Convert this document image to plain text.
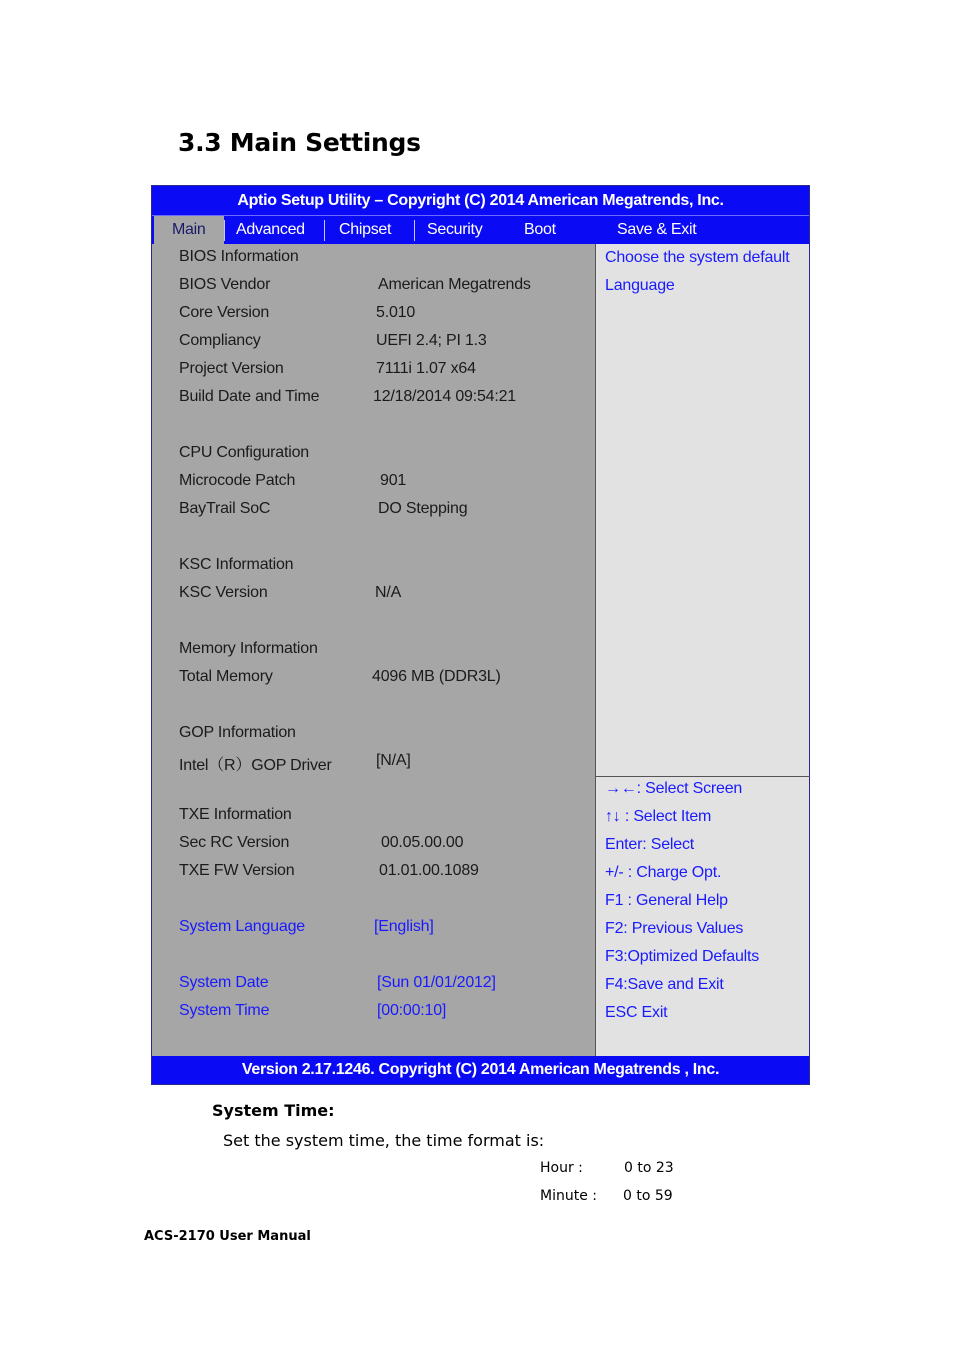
3.3 Main Settings
Aptio Setup Utility – Copyright (C) 2014 American Megatrends, Inc.
Main	Advanced Chipset Security	Boot	Save & Exit
BIOS Information
BIOS Vendor	American Megatrends
Core Version	5.010
Compliancy	UEFI 2.4; PI 1.3
Project Version	7111i 1.07 x64
Build Date and Time	12/18/2014 09:54:21
CPU Configuration
Microcode Patch	901
BayTrail SoC	DO Stepping
KSC Information
KSC Version	N/A
Memory Information
Total Memory	4096 MB (DDR3L)
GOP Information
Intel（R）GOP Driver	[N/A]
TXE Information
Sec RC Version	00.05.00.00
TXE FW Version	01.01.00.1089
System Language	[English]
System Date	[Sun 01/01/2012]
System Time	[00:00:10]
Choose the system default
Language
→←: Select Screen
↑↓ : Select Item
Enter: Select
+/- : Charge Opt.
F1 : General Help
F2: Previous Values
F3:Optimized Defaults
F4:Save and Exit
ESC Exit
Version 2.17.1246. Copyright (C) 2014 American Megatrends , Inc.
System Time:
Set the system time, the time format is:
Hour :	0 to 23
Minute : 0 to 59
ACS-2170 User Manual
